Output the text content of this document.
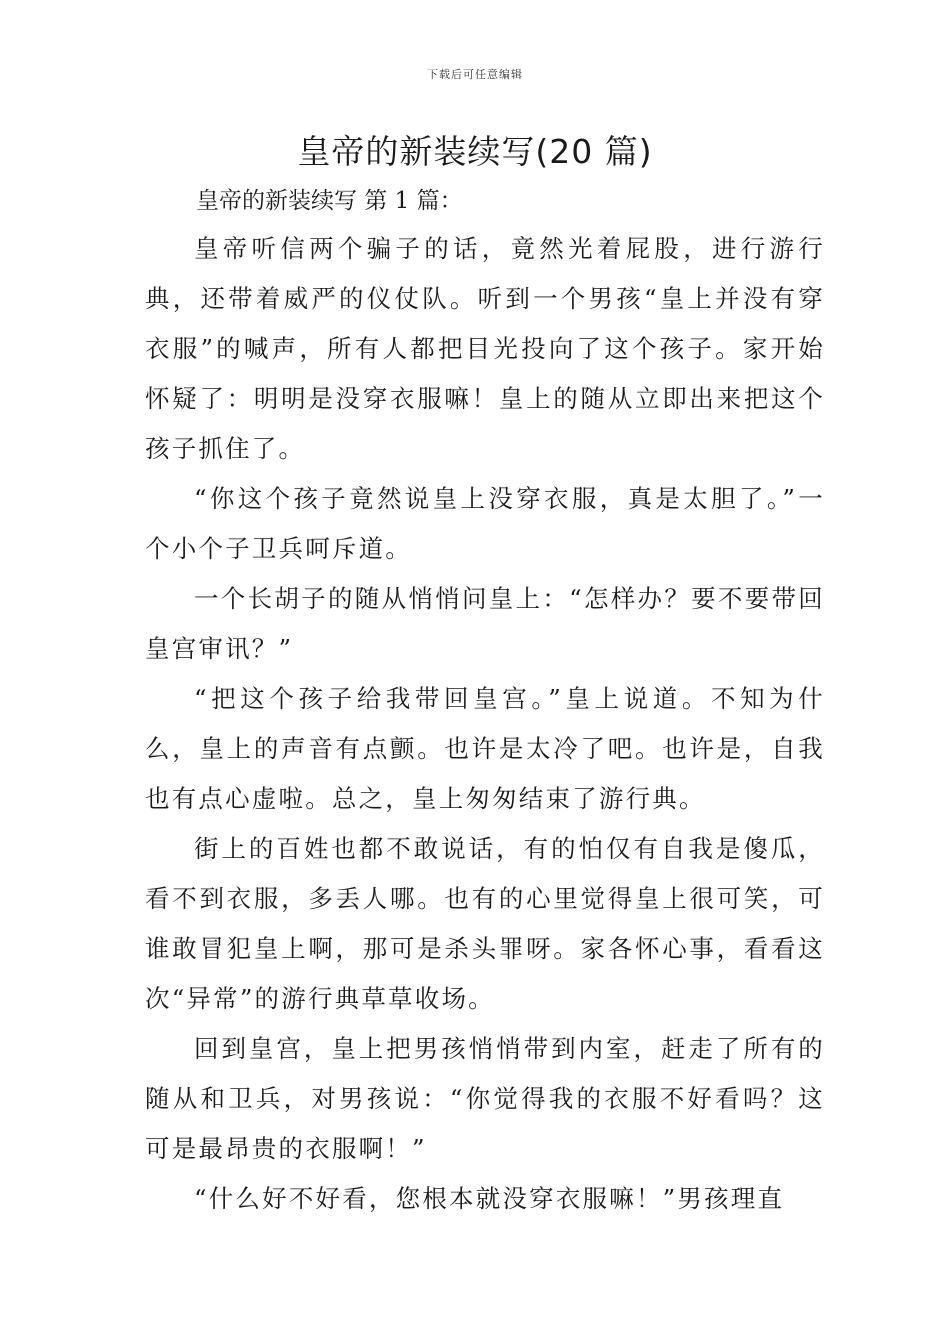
下载后可任意编辑
皇帝的新装续写(20 篇)

皇帝的新装续写 第 1 篇：

皇帝听信两个骗子的话，竟然光着屁股，进行游行典，还带着威严的仪仗队。听到一个男孩“皇上并没有穿衣服”的喊声，所有人都把目光投向了这个孩子。家开始怀疑了：明明是没穿衣服嘛！皇上的随从立即出来把这个孩子抓住了。

“你这个孩子竟然说皇上没穿衣服，真是太胆了。”一个小个子卫兵呵斥道。

一个长胡子的随从悄悄问皇上：“怎样办？要不要带回皇宫审讯？”

“把这个孩子给我带回皇宫。”皇上说道。不知为什么，皇上的声音有点颤。也许是太冷了吧。也许是，自我也有点心虚啦。总之，皇上匆匆结束了游行典。

街上的百姓也都不敢说话，有的怕仅有自我是傻瓜，看不到衣服，多丢人哪。也有的心里觉得皇上很可笑，可谁敢冒犯皇上啊，那可是杀头罪呀。家各怀心事，看看这次“异常”的游行典草草收场。

回到皇宫，皇上把男孩悄悄带到内室，赶走了所有的随从和卫兵，对男孩说：“你觉得我的衣服不好看吗？这可是最昂贵的衣服啊！”

“什么好不好看，您根本就没穿衣服嘛！”男孩理直
